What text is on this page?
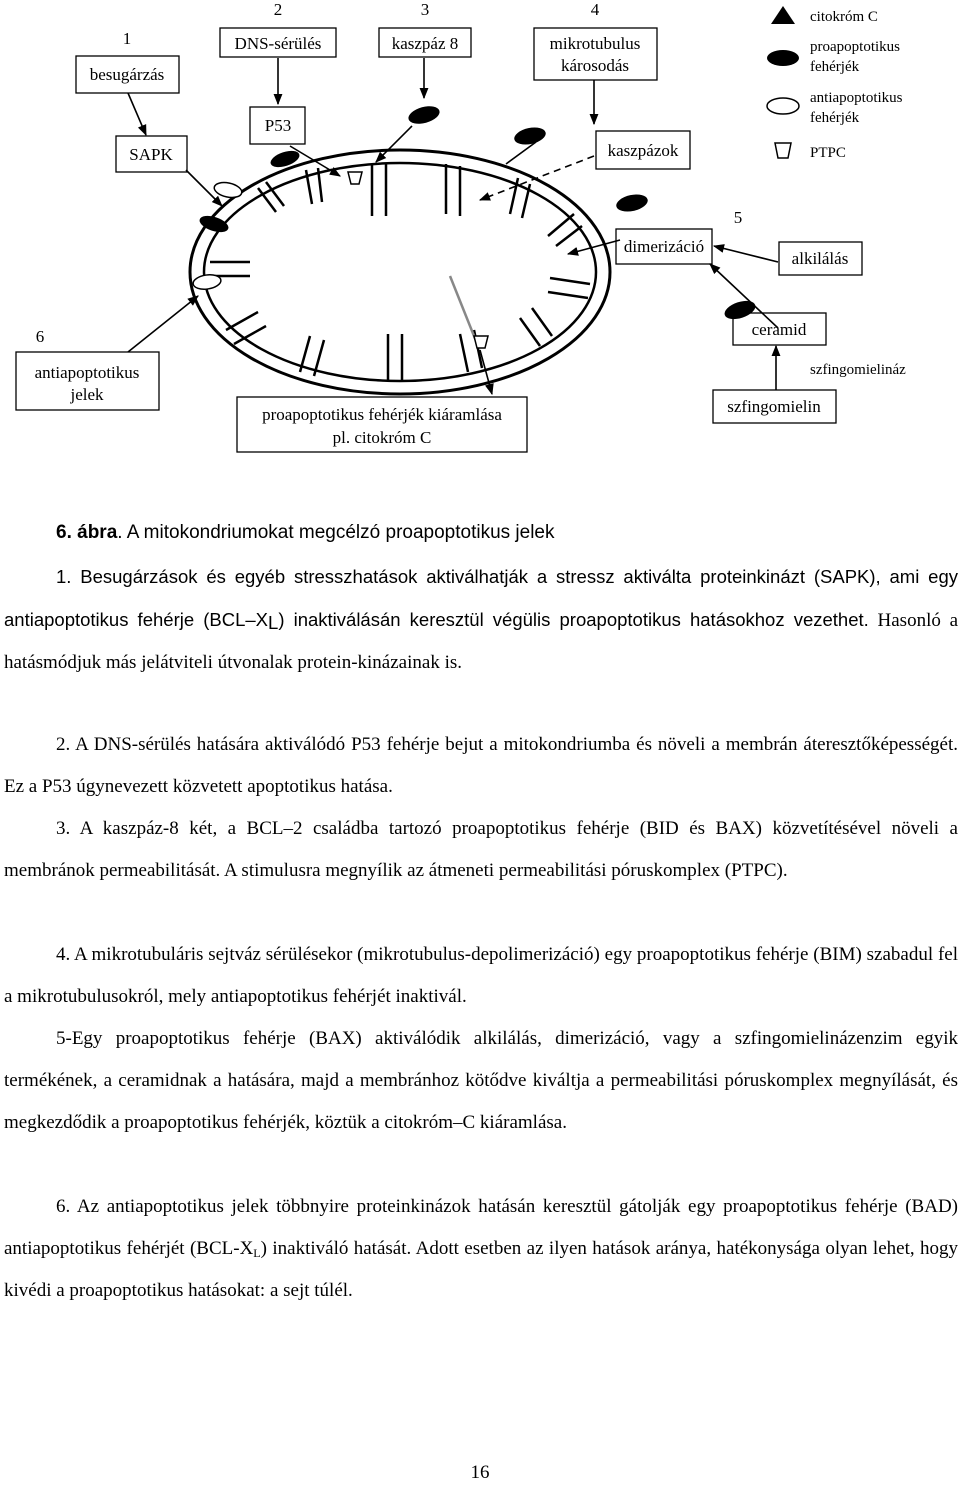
1
2	3	4
5
6
besugárzás
DNS-sérülés	kaszpáz 8	mikrotubulus
károsodás
P53
SAPK	kaszpázok
dimerizáció
alkilálás
ceramid
szfingomielin
antiapoptotikus
jelek
proapoptotikus fehérjék kiáramlása
pl. citokróm C
szfingomielináz
citokróm C
proapoptotikus
fehérjék
antiapoptotikus
fehérjék
PTPC
6. ábra. A mitokondriumokat megcélzó proapoptotikus jelek

1. Besugárzások és egyéb stresszhatások aktiválhatják a stressz aktiválta proteinkinázt (SAPK), ami egy antiapoptotikus fehérje $(BCL-X_L)$ inaktiválásán keresztül végülis proapoptotikus hatásokhoz vezethet. Hasonló a hatásmódjuk más jelátviteli útvonalak protein-kinázainak is.

2. A DNS-sérülés hatására aktiválódó P53 fehérje bejut a mitokondriumba és növeli a membrán áteresztőképességét. Ez a P53 úgynevezett közvetett apoptotikus hatása.

3. A kaszpáz-8 két, a BCL–2 családba tartozó proapoptotikus fehérje (BID és BAX) közvetítésével növeli a membránok permeabilitását. A stimulusra megnyílik az átmeneti permeabilitási póruskomplex (PTPC).

4. A mikrotubuláris sejtváz sérülésekor (mikrotubulus-depolimerizáció) egy proapoptotikus fehérje (BIM) szabadul fel a mikrotubulusokról, mely antiapoptotikus fehérjét inaktivál.

5-Egy proapoptotikus fehérje (BAX) aktiválódik alkilálás, dimerizáció, vagy a szfingomielinázenzim egyik termékének, a ceramidnak a hatására, majd a membránhoz kötődve kiváltja a permeabilitási póruskomplex megnyílását, és megkezdődik a proapoptotikus fehérjék, köztük a citokróm–C kiáramlása.

6. Az antiapoptotikus jelek többnyire proteinkinázok hatásán keresztül gátolják egy proapoptotikus fehérje (BAD) antiapoptotikus fehérjét $(BCL-X_L)$ inaktiváló hatását. Adott esetben az ilyen hatások aránya, hatékonysága olyan lehet, hogy kivédi a proapoptotikus hatásokat: a sejt túlél.

16
